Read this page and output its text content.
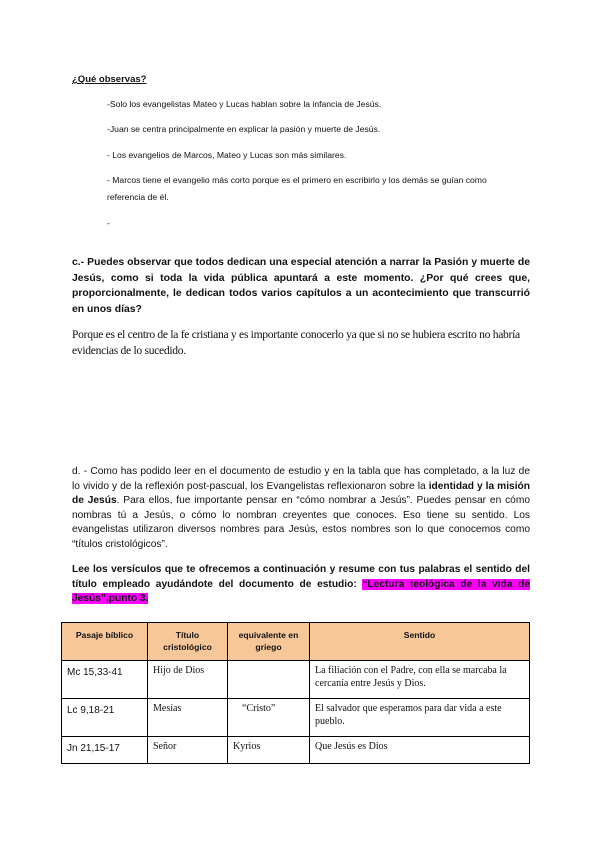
¿Qué observas?
-Solo los evangelistas Mateo y Lucas hablan sobre la infancia de Jesús.
-Juan se centra principalmente en explicar la pasión y muerte de Jesús.
- Los evangelios de Marcos, Mateo y Lucas son más similares.
- Marcos tiene el evangelio más corto porque es el primero en escribirlo y los demás se guían como referencia de él.
-
c.- Puedes observar que todos dedican una especial atención a narrar la Pasión y muerte de Jesús, como si toda la vida pública apuntará a este momento. ¿Por qué crees que, proporcionalmente, le dedican todos varios capítulos a un acontecimiento que transcurrió en unos días?
Porque es el centro de la fe cristiana y es importante conocerlo ya que si no se hubiera escrito no habría evidencias de lo sucedido.
d. - Como has podido leer en el documento de estudio y en la tabla que has completado, a la luz de lo vivido y de la reflexión post-pascual, los Evangelistas reflexionaron sobre la identidad y la misión de Jesús. Para ellos, fue importante pensar en “cómo nombrar a Jesús”. Puedes pensar en cómo nombras tú a Jesús, o cómo lo nombran creyentes que conoces. Eso tiene su sentido. Los evangelistas utilizaron diversos nombres para Jesús, estos nombres son lo que conocemos como “títulos cristológicos”.
Lee los versículos que te ofrecemos a continuación y resume con tus palabras el sentido del título empleado ayudándote del documento de estudio: “Lectura teológica de la vida de Jesús”,punto 3.
Pasaje bíblico	Título cristológico	equivalente en griego	Sentido
Mc 15,33-41	Hijo de Dios		La filiación con el Padre, con ella se marcaba la cercanía entre Jesús y Dios.
Lc 9,18-21	Mesías	“Cristo”	El salvador que esperamos para dar vida a este pueblo.
Jn 21,15-17	Señor	Kyrios	Que Jesús es Dios
